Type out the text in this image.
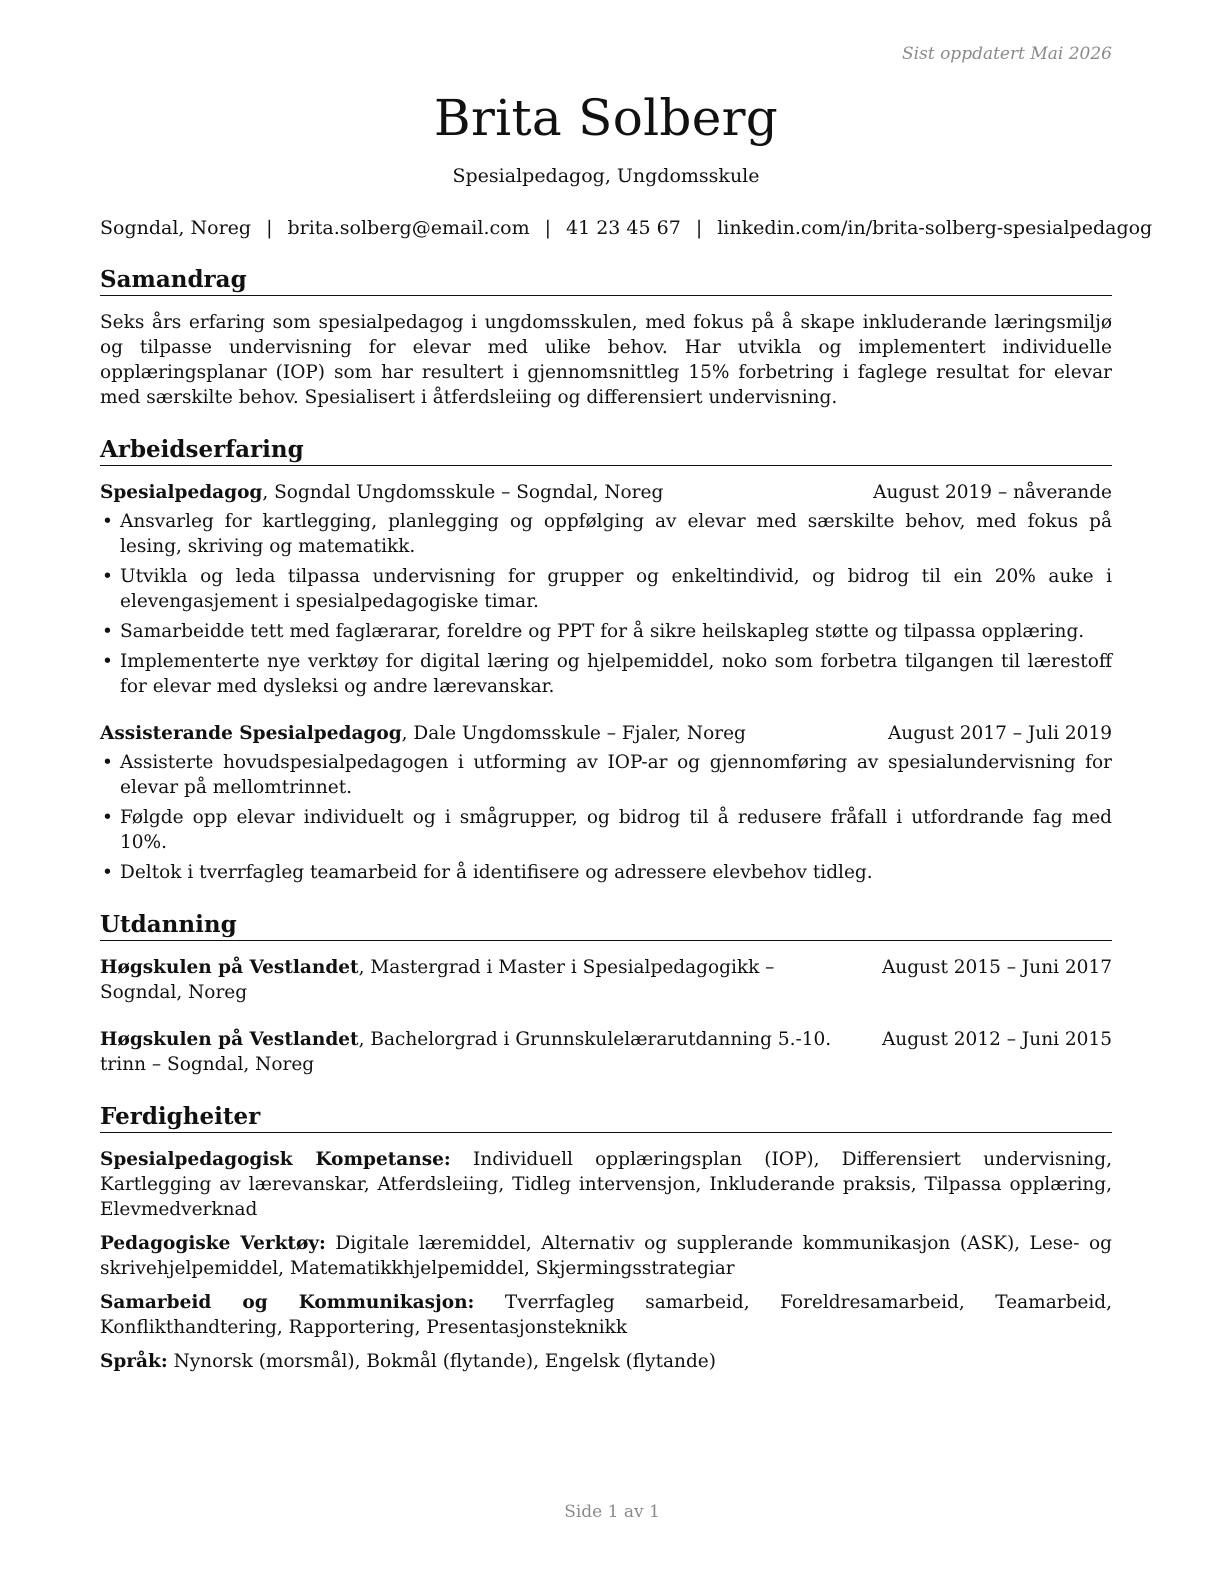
Sist oppdatert Mai 2026
Brita Solberg
Spesialpedagog, Ungdomsskule
Sogndal, Noreg | brita.solberg@email.com | 41 23 45 67 | linkedin.com/in/brita-solberg-spesialpedagog
Samandrag
Seks års erfaring som spesialpedagog i ungdomsskulen, med fokus på å skape inkluderande læringsmiljø og tilpasse undervisning for elevar med ulike behov. Har utvikla og implementert individuelle opplæringsplanar (IOP) som har resultert i gjennomsnittleg 15% forbetring i faglege resultat for elevar med særskilte behov. Spesialisert i åtferdsleiing og differensiert undervisning.
Arbeidserfaring
Spesialpedagog, Sogndal Ungdomsskule – Sogndal, Noreg	August 2019 – nåverande
• Ansvarleg for kartlegging, planlegging og oppfølging av elevar med særskilte behov, med fokus på lesing, skriving og matematikk.
• Utvikla og leda tilpassa undervisning for grupper og enkeltindivid, og bidrog til ein 20% auke i elevengasjement i spesialpedagogiske timar.
• Samarbeidde tett med faglærarar, foreldre og PPT for å sikre heilskapleg støtte og tilpassa opplæring.
• Implementerte nye verktøy for digital læring og hjelpemiddel, noko som forbetra tilgangen til lærestoff for elevar med dysleksi og andre lærevanskar.
Assisterande Spesialpedagog, Dale Ungdomsskule – Fjaler, Noreg	August 2017 – Juli 2019
• Assisterte hovudspesialpedagogen i utforming av IOP-ar og gjennomføring av spesialundervisning for elevar på mellomtrinnet.
• Følgde opp elevar individuelt og i smågrupper, og bidrog til å redusere fråfall i utfordrande fag med 10%.
• Deltok i tverrfagleg teamarbeid for å identifisere og adressere elevbehov tidleg.
Utdanning
Høgskulen på Vestlandet, Mastergrad i Master i Spesialpedagogikk – Sogndal, Noreg
August 2015 – Juni 2017
Høgskulen på Vestlandet, Bachelorgrad i Grunnskulelærarutdanning 5.-10. trinn – Sogndal, Noreg
August 2012 – Juni 2015
Ferdigheiter
Spesialpedagogisk Kompetanse: Individuell opplæringsplan (IOP), Differensiert undervisning, Kartlegging av lærevanskar, Atferdsleiing, Tidleg intervensjon, Inkluderande praksis, Tilpassa opplæring, Elevmedverknad
Pedagogiske Verktøy: Digitale læremiddel, Alternativ og supplerande kommunikasjon (ASK), Lese- og skrivehjelpemiddel, Matematikkhjelpemiddel, Skjermingsstrategiar
Samarbeid og Kommunikasjon: Tverrfagleg samarbeid, Foreldresamarbeid, Teamarbeid, Konflikthandtering, Rapportering, Presentasjonsteknikk
Språk: Nynorsk (morsmål), Bokmål (flytande), Engelsk (flytande)
Side 1 av 1
